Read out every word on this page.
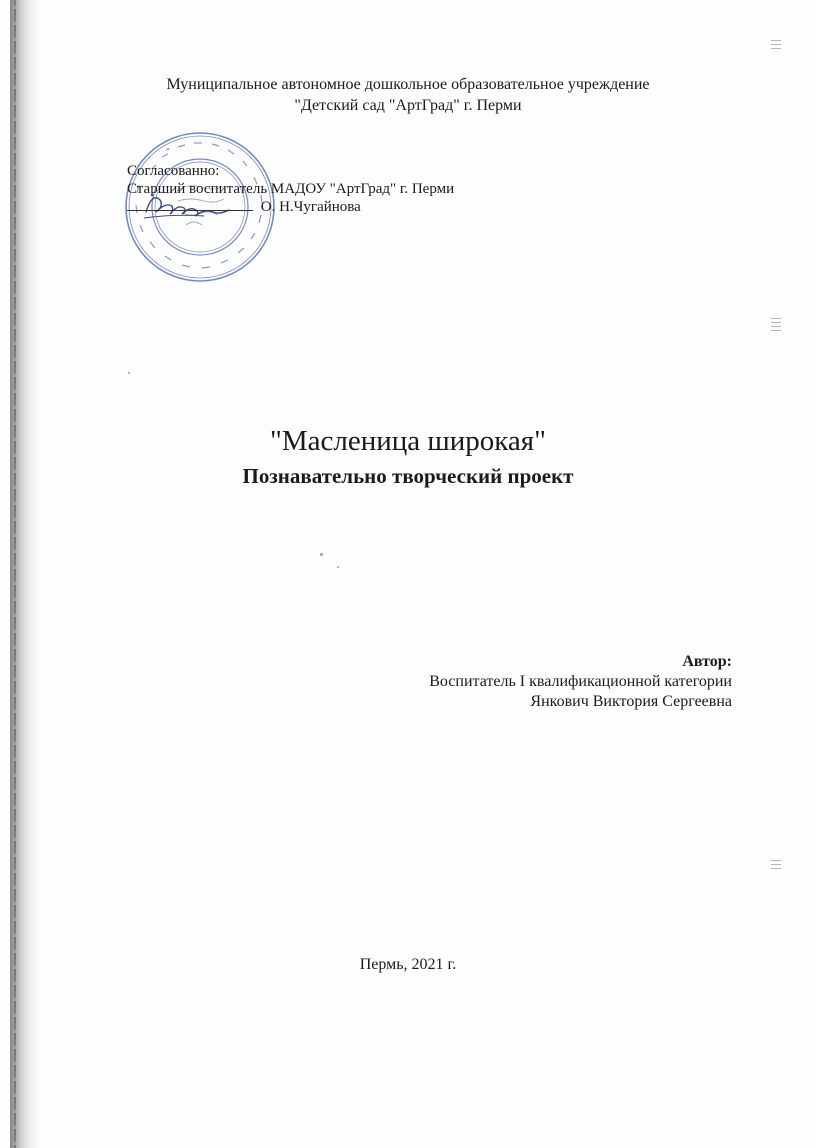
Муниципальное автономное дошкольное образовательное учреждение
"Детский сад "АртГрад" г. Перми
Согласованно:
Старший воспитатель МАДОУ "АртГрад" г. Перми
О. Н.Чугайнова
"Масленица широкая"
Познавательно творческий проект
Автор:
Воспитатель I квалификационной категории
Янкович Виктория Сергеевна
Пермь, 2021 г.
